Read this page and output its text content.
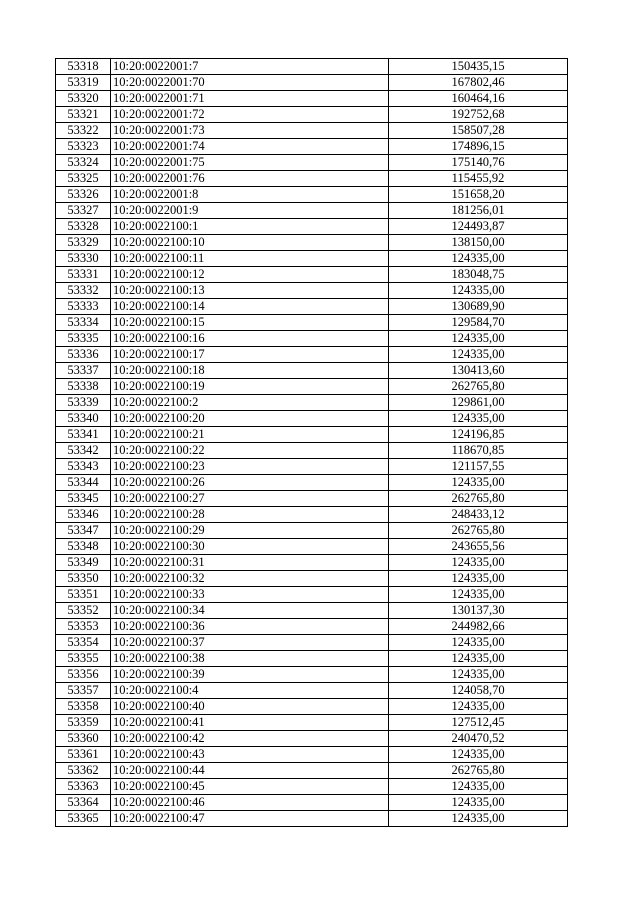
53318	10:20:0022001:7	150435,15
53319	10:20:0022001:70	167802,46
53320	10:20:0022001:71	160464,16
53321	10:20:0022001:72	192752,68
53322	10:20:0022001:73	158507,28
53323	10:20:0022001:74	174896,15
53324	10:20:0022001:75	175140,76
53325	10:20:0022001:76	115455,92
53326	10:20:0022001:8	151658,20
53327	10:20:0022001:9	181256,01
53328	10:20:0022100:1	124493,87
53329	10:20:0022100:10	138150,00
53330	10:20:0022100:11	124335,00
53331	10:20:0022100:12	183048,75
53332	10:20:0022100:13	124335,00
53333	10:20:0022100:14	130689,90
53334	10:20:0022100:15	129584,70
53335	10:20:0022100:16	124335,00
53336	10:20:0022100:17	124335,00
53337	10:20:0022100:18	130413,60
53338	10:20:0022100:19	262765,80
53339	10:20:0022100:2	129861,00
53340	10:20:0022100:20	124335,00
53341	10:20:0022100:21	124196,85
53342	10:20:0022100:22	118670,85
53343	10:20:0022100:23	121157,55
53344	10:20:0022100:26	124335,00
53345	10:20:0022100:27	262765,80
53346	10:20:0022100:28	248433,12
53347	10:20:0022100:29	262765,80
53348	10:20:0022100:30	243655,56
53349	10:20:0022100:31	124335,00
53350	10:20:0022100:32	124335,00
53351	10:20:0022100:33	124335,00
53352	10:20:0022100:34	130137,30
53353	10:20:0022100:36	244982,66
53354	10:20:0022100:37	124335,00
53355	10:20:0022100:38	124335,00
53356	10:20:0022100:39	124335,00
53357	10:20:0022100:4	124058,70
53358	10:20:0022100:40	124335,00
53359	10:20:0022100:41	127512,45
53360	10:20:0022100:42	240470,52
53361	10:20:0022100:43	124335,00
53362	10:20:0022100:44	262765,80
53363	10:20:0022100:45	124335,00
53364	10:20:0022100:46	124335,00
53365	10:20:0022100:47	124335,00
